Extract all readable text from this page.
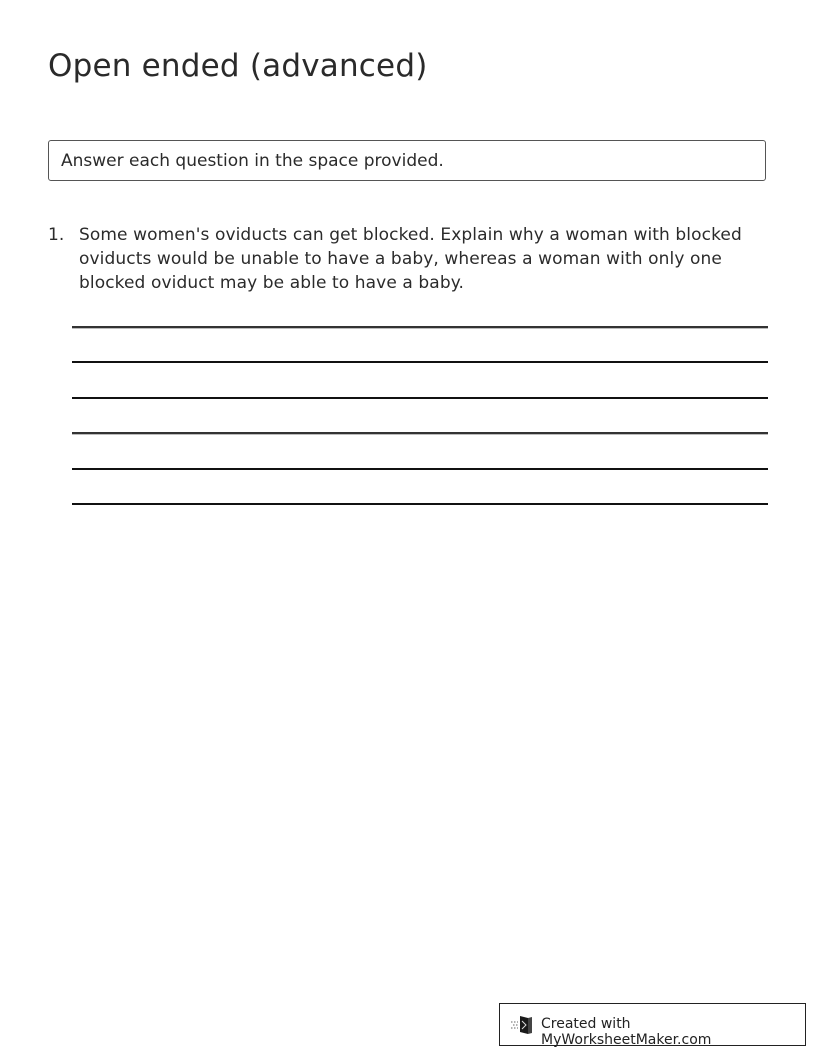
Open ended (advanced)
Answer each question in the space provided.
1. Some women's oviducts can get blocked. Explain why a woman with blocked oviducts would be unable to have a baby, whereas a woman with only one blocked oviduct may be able to have a baby.
Created with MyWorksheetMaker.com
